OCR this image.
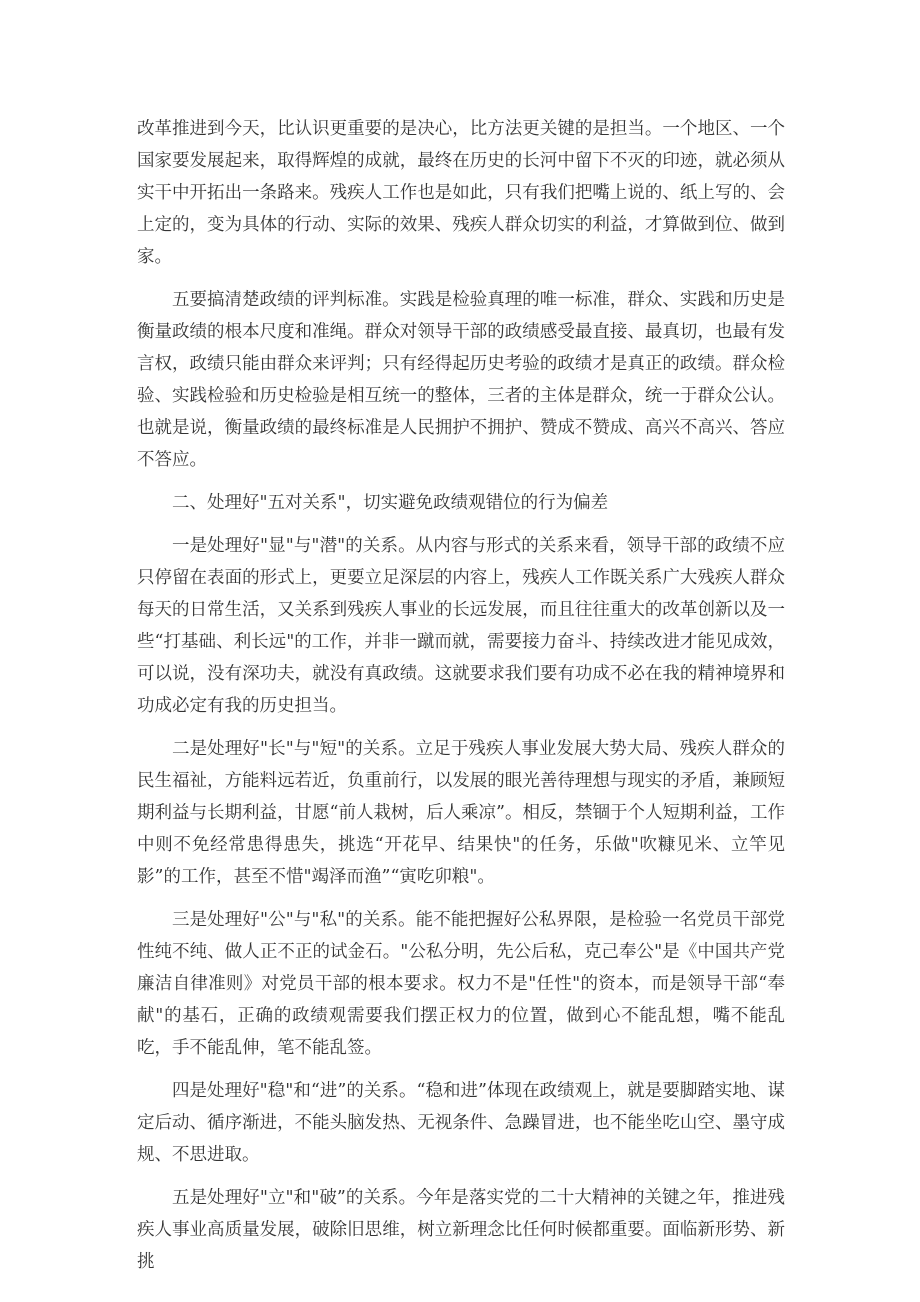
改革推进到今天，比认识更重要的是决心，比方法更关键的是担当。一个地区、一个国家要发展起来，取得辉煌的成就，最终在历史的长河中留下不灭的印迹，就必须从实干中开拓出一条路来。残疾人工作也是如此，只有我们把嘴上说的、纸上写的、会上定的，变为具体的行动、实际的效果、残疾人群众切实的利益，才算做到位、做到家。

五要搞清楚政绩的评判标准。实践是检验真理的唯一标准，群众、实践和历史是衡量政绩的根本尺度和准绳。群众对领导干部的政绩感受最直接、最真切，也最有发言权，政绩只能由群众来评判；只有经得起历史考验的政绩才是真正的政绩。群众检验、实践检验和历史检验是相互统一的整体，三者的主体是群众，统一于群众公认。也就是说，衡量政绩的最终标准是人民拥护不拥护、赞成不赞成、高兴不高兴、答应不答应。

二、处理好"五对关系"，切实避免政绩观错位的行为偏差

一是处理好"显"与"潜"的关系。从内容与形式的关系来看，领导干部的政绩不应只停留在表面的形式上，更要立足深层的内容上，残疾人工作既关系广大残疾人群众每天的日常生活，又关系到残疾人事业的长远发展，而且往往重大的改革创新以及一些“打基础、利长远"的工作，并非一蹴而就，需要接力奋斗、持续改进才能见成效，可以说，没有深功夫，就没有真政绩。这就要求我们要有功成不必在我的精神境界和功成必定有我的历史担当。

二是处理好"长"与"短"的关系。立足于残疾人事业发展大势大局、残疾人群众的民生福祉，方能料远若近，负重前行，以发展的眼光善待理想与现实的矛盾，兼顾短期利益与长期利益，甘愿“前人栽树，后人乘凉”。相反，禁锢于个人短期利益，工作中则不免经常患得患失，挑选“开花早、结果快"的任务，乐做"吹糠见米、立竿见影”的工作，甚至不惜"竭泽而渔”“寅吃卯粮"。

三是处理好"公"与"私"的关系。能不能把握好公私界限，是检验一名党员干部党性纯不纯、做人正不正的试金石。"公私分明，先公后私，克己奉公"是《中国共产党廉洁自律准则》对党员干部的根本要求。权力不是"任性"的资本，而是领导干部“奉献"的基石，正确的政绩观需要我们摆正权力的位置，做到心不能乱想，嘴不能乱吃，手不能乱伸，笔不能乱签。

四是处理好"稳"和“进”的关系。“稳和进”体现在政绩观上，就是要脚踏实地、谋定后动、循序渐进，不能头脑发热、无视条件、急躁冒进，也不能坐吃山空、墨守成规、不思进取。

五是处理好"立"和"破”的关系。今年是落实党的二十大精神的关键之年，推进残疾人事业高质量发展，破除旧思维，树立新理念比任何时候都重要。面临新形势、新挑
